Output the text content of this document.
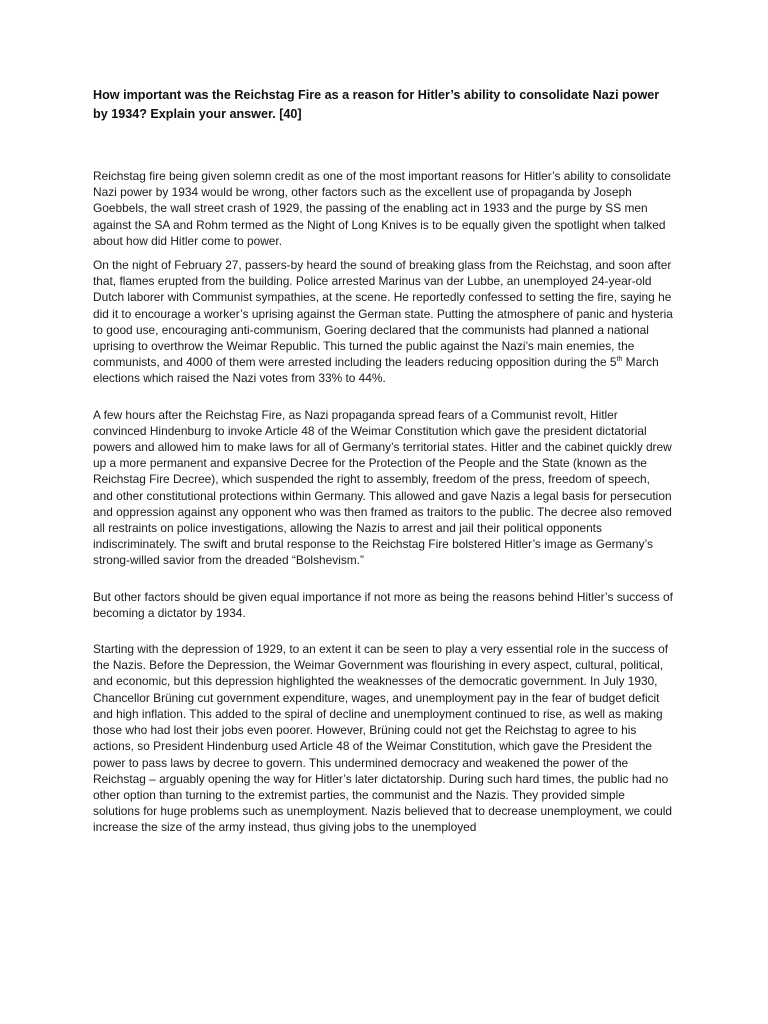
How important was the Reichstag Fire as a reason for Hitler’s ability to consolidate Nazi power by 1934? Explain your answer. [40]

Reichstag fire being given solemn credit as one of the most important reasons for Hitler’s ability to consolidate Nazi power by 1934 would be wrong, other factors such as the excellent use of propaganda by Joseph Goebbels, the wall street crash of 1929, the passing of the enabling act in 1933 and the purge by SS men against the SA and Rohm termed as the Night of Long Knives is to be equally given the spotlight when talked about how did Hitler come to power.

On the night of February 27, passers-by heard the sound of breaking glass from the Reichstag, and soon after that, flames erupted from the building. Police arrested Marinus van der Lubbe, an unemployed 24-year-old Dutch laborer with Communist sympathies, at the scene. He reportedly confessed to setting the fire, saying he did it to encourage a worker’s uprising against the German state. Putting the atmosphere of panic and hysteria to good use, encouraging anti-communism, Goering declared that the communists had planned a national uprising to overthrow the Weimar Republic. This turned the public against the Nazi’s main enemies, the communists, and 4000 of them were arrested including the leaders reducing opposition during the 5th March elections which raised the Nazi votes from 33% to 44%.

A few hours after the Reichstag Fire, as Nazi propaganda spread fears of a Communist revolt, Hitler convinced Hindenburg to invoke Article 48 of the Weimar Constitution which gave the president dictatorial powers and allowed him to make laws for all of Germany’s territorial states. Hitler and the cabinet quickly drew up a more permanent and expansive Decree for the Protection of the People and the State (known as the Reichstag Fire Decree), which suspended the right to assembly, freedom of the press, freedom of speech, and other constitutional protections within Germany. This allowed and gave Nazis a legal basis for persecution and oppression against any opponent who was then framed as traitors to the public. The decree also removed all restraints on police investigations, allowing the Nazis to arrest and jail their political opponents indiscriminately. The swift and brutal response to the Reichstag Fire bolstered Hitler’s image as Germany’s strong-willed savior from the dreaded “Bolshevism.”

But other factors should be given equal importance if not more as being the reasons behind Hitler’s success of becoming a dictator by 1934.

Starting with the depression of 1929, to an extent it can be seen to play a very essential role in the success of the Nazis. Before the Depression, the Weimar Government was flourishing in every aspect, cultural, political, and economic, but this depression highlighted the weaknesses of the democratic government. In July 1930, Chancellor Brüning cut government expenditure, wages, and unemployment pay in the fear of budget deficit and high inflation. This added to the spiral of decline and unemployment continued to rise, as well as making those who had lost their jobs even poorer. However, Brüning could not get the Reichstag to agree to his actions, so President Hindenburg used Article 48 of the Weimar Constitution, which gave the President the power to pass laws by decree to govern. This undermined democracy and weakened the power of the Reichstag – arguably opening the way for Hitler’s later dictatorship. During such hard times, the public had no other option than turning to the extremist parties, the communist and the Nazis. They provided simple solutions for huge problems such as unemployment. Nazis believed that to decrease unemployment, we could increase the size of the army instead, thus giving jobs to the unemployed
